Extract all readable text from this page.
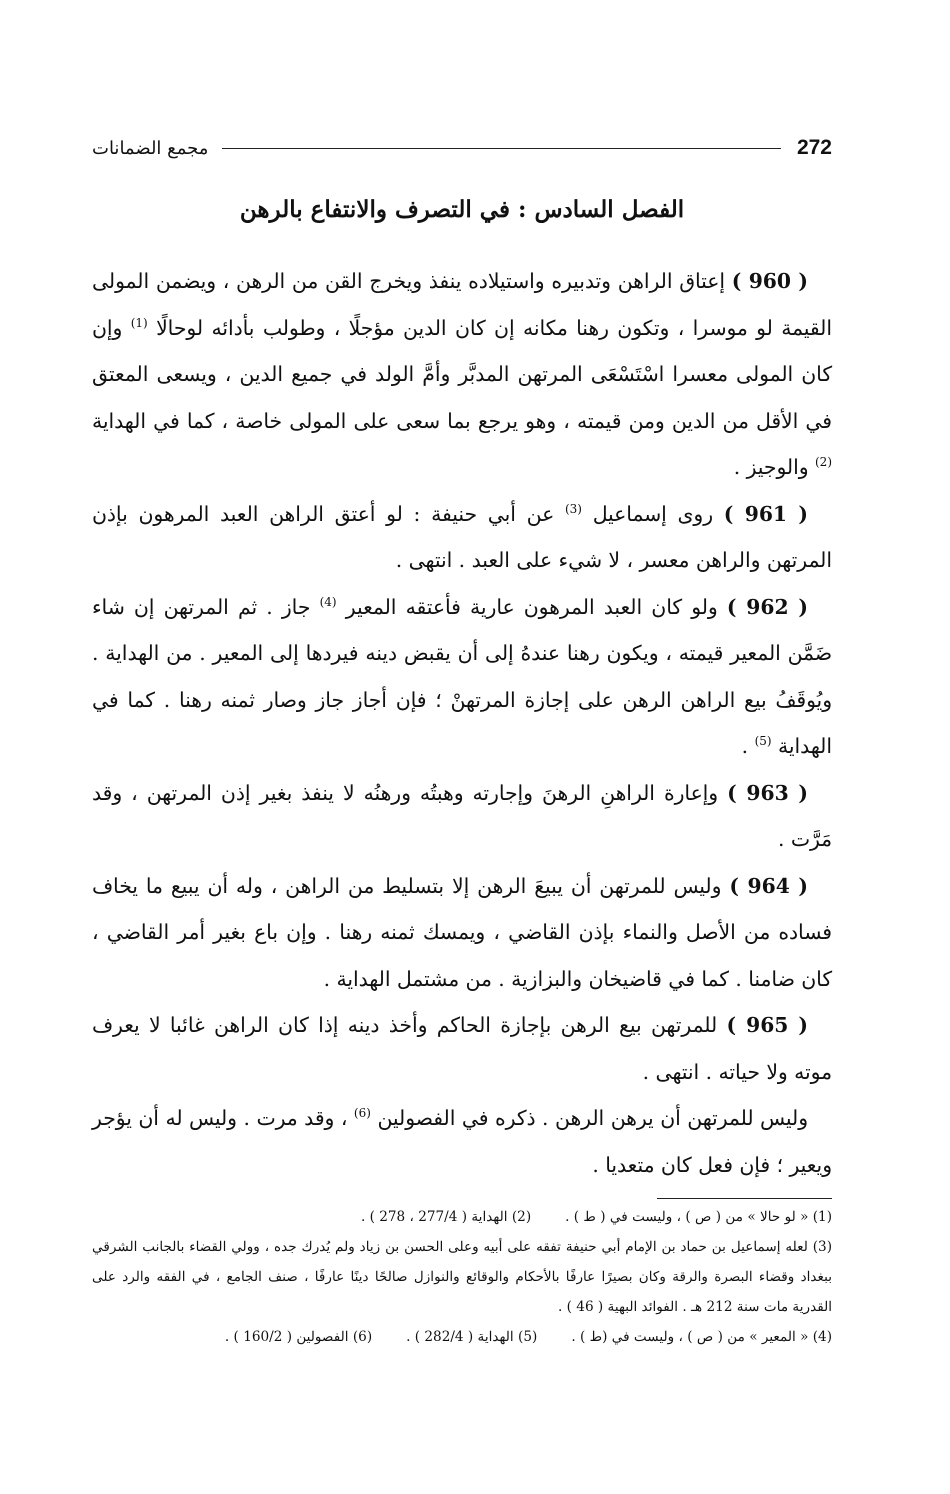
272
مجمع الضمانات
الفصل السادس : في التصرف والانتفاع بالرهن

( 960 ) إعتاق الراهن وتدبيره واستيلاده ينفذ ويخرج القن من الرهن ، ويضمن المولى القيمة لو موسرا ، وتكون رهنا مكانه إن كان الدين مؤجلًا ، وطولب بأدائه لوحالًا $^{(1)}$ وإن كان المولى معسرا اسْتَسْعَى المرتهن المدبَّر وأمَّ الولد في جميع الدين ، ويسعى المعتق في الأقل من الدين ومن قيمته ، وهو يرجع بما سعى على المولى خاصة ، كما في الهداية $^{(2)}$ والوجيز .

( 961 ) روى إسماعيل $^{(3)}$ عن أبي حنيفة : لو أعتق الراهن العبد المرهون بإذن المرتهن والراهن معسر ، لا شيء على العبد . انتهى .

( 962 ) ولو كان العبد المرهون عارية فأعتقه المعير $^{(4)}$ جاز . ثم المرتهن إن شاء ضَمَّن المعير قيمته ، ويكون رهنا عندهُ إلى أن يقبض دينه فيردها إلى المعير . من الهداية . ويُوقَفُ بيع الراهن الرهن على إجازة المرتهنْ ؛ فإن أجاز جاز وصار ثمنه رهنا . كما في الهداية $^{(5)}$ .

( 963 ) وإعارة الراهنِ الرهنَ وإجارته وهبتُه ورهنُه لا ينفذ بغير إذن المرتهن ، وقد مَرَّت .

( 964 ) وليس للمرتهن أن يبيعَ الرهن إلا بتسليط من الراهن ، وله أن يبيع ما يخاف فساده من الأصل والنماء بإذن القاضي ، ويمسك ثمنه رهنا . وإن باع بغير أمر القاضي ، كان ضامنا . كما في قاضيخان والبزازية . من مشتمل الهداية .

( 965 ) للمرتهن بيع الرهن بإجازة الحاكم وأخذ دينه إذا كان الراهن غائبا لا يعرف موته ولا حياته . انتهى .

وليس للمرتهن أن يرهن الرهن . ذكره في الفصولين $^{(6)}$ ، وقد مرت . وليس له أن يؤجر ويعير ؛ فإن فعل كان متعديا .

(1) « لو حالا » من ( ص ) ، وليست في ( ط ) .
(2) الهداية ( 277/4 ، 278 ) .

(3) لعله إسماعيل بن حماد بن الإمام أبي حنيفة تفقه على أبيه وعلى الحسن بن زياد ولم يُدرك جده ، وولي القضاء بالجانب الشرقي ببغداد وقضاء البصرة والرقة وكان بصيرًا عارفًا بالأحكام والوقائع والنوازل صالحًا دينًا عارفًا ، صنف الجامع ، في الفقه والرد على القدرية مات سنة 212 هـ . الفوائد البهية ( 46 ) .

(4) « المعير » من ( ص ) ، وليست في (ط ) .
(5) الهداية ( 282/4 ) .
(6) الفصولين ( 160/2 ) .
